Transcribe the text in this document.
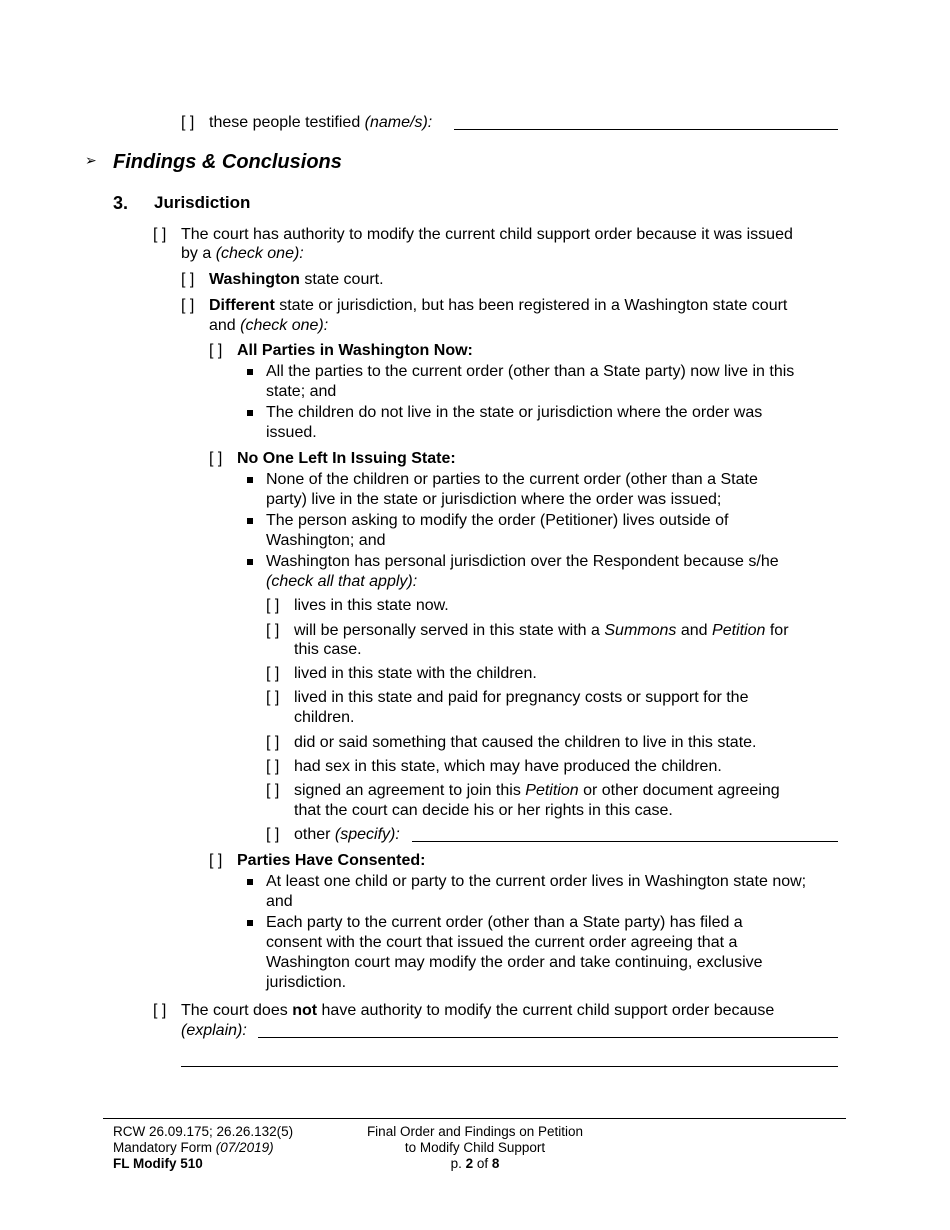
[ ] these people testified (name/s):
➢ Findings & Conclusions
3. Jurisdiction
[ ] The court has authority to modify the current child support order because it was issued
by a (check one):
[ ] Washington state court.
[ ] Different state or jurisdiction, but has been registered in a Washington state court
and (check one):
[ ] All Parties in Washington Now:
All the parties to the current order (other than a State party) now live in this
state; and
The children do not live in the state or jurisdiction where the order was
issued.
[ ] No One Left In Issuing State:
None of the children or parties to the current order (other than a State
party) live in the state or jurisdiction where the order was issued;
The person asking to modify the order (Petitioner) lives outside of
Washington; and
Washington has personal jurisdiction over the Respondent because s/he
(check all that apply):
[ ] lives in this state now.
[ ] will be personally served in this state with a Summons and Petition for
this case.
[ ] lived in this state with the children.
[ ] lived in this state and paid for pregnancy costs or support for the
children.
[ ] did or said something that caused the children to live in this state.
[ ] had sex in this state, which may have produced the children.
[ ] signed an agreement to join this Petition or other document agreeing
that the court can decide his or her rights in this case.
[ ] other (specify):
[ ] Parties Have Consented:
At least one child or party to the current order lives in Washington state now;
and
Each party to the current order (other than a State party) has filed a
consent with the court that issued the current order agreeing that a
Washington court may modify the order and take continuing, exclusive
jurisdiction.
[ ] The court does not have authority to modify the current child support order because
(explain):
RCW 26.09.175; 26.26.132(5)
Mandatory Form (07/2019)
FL Modify 510
Final Order and Findings on Petition
to Modify Child Support
p. 2 of 8
